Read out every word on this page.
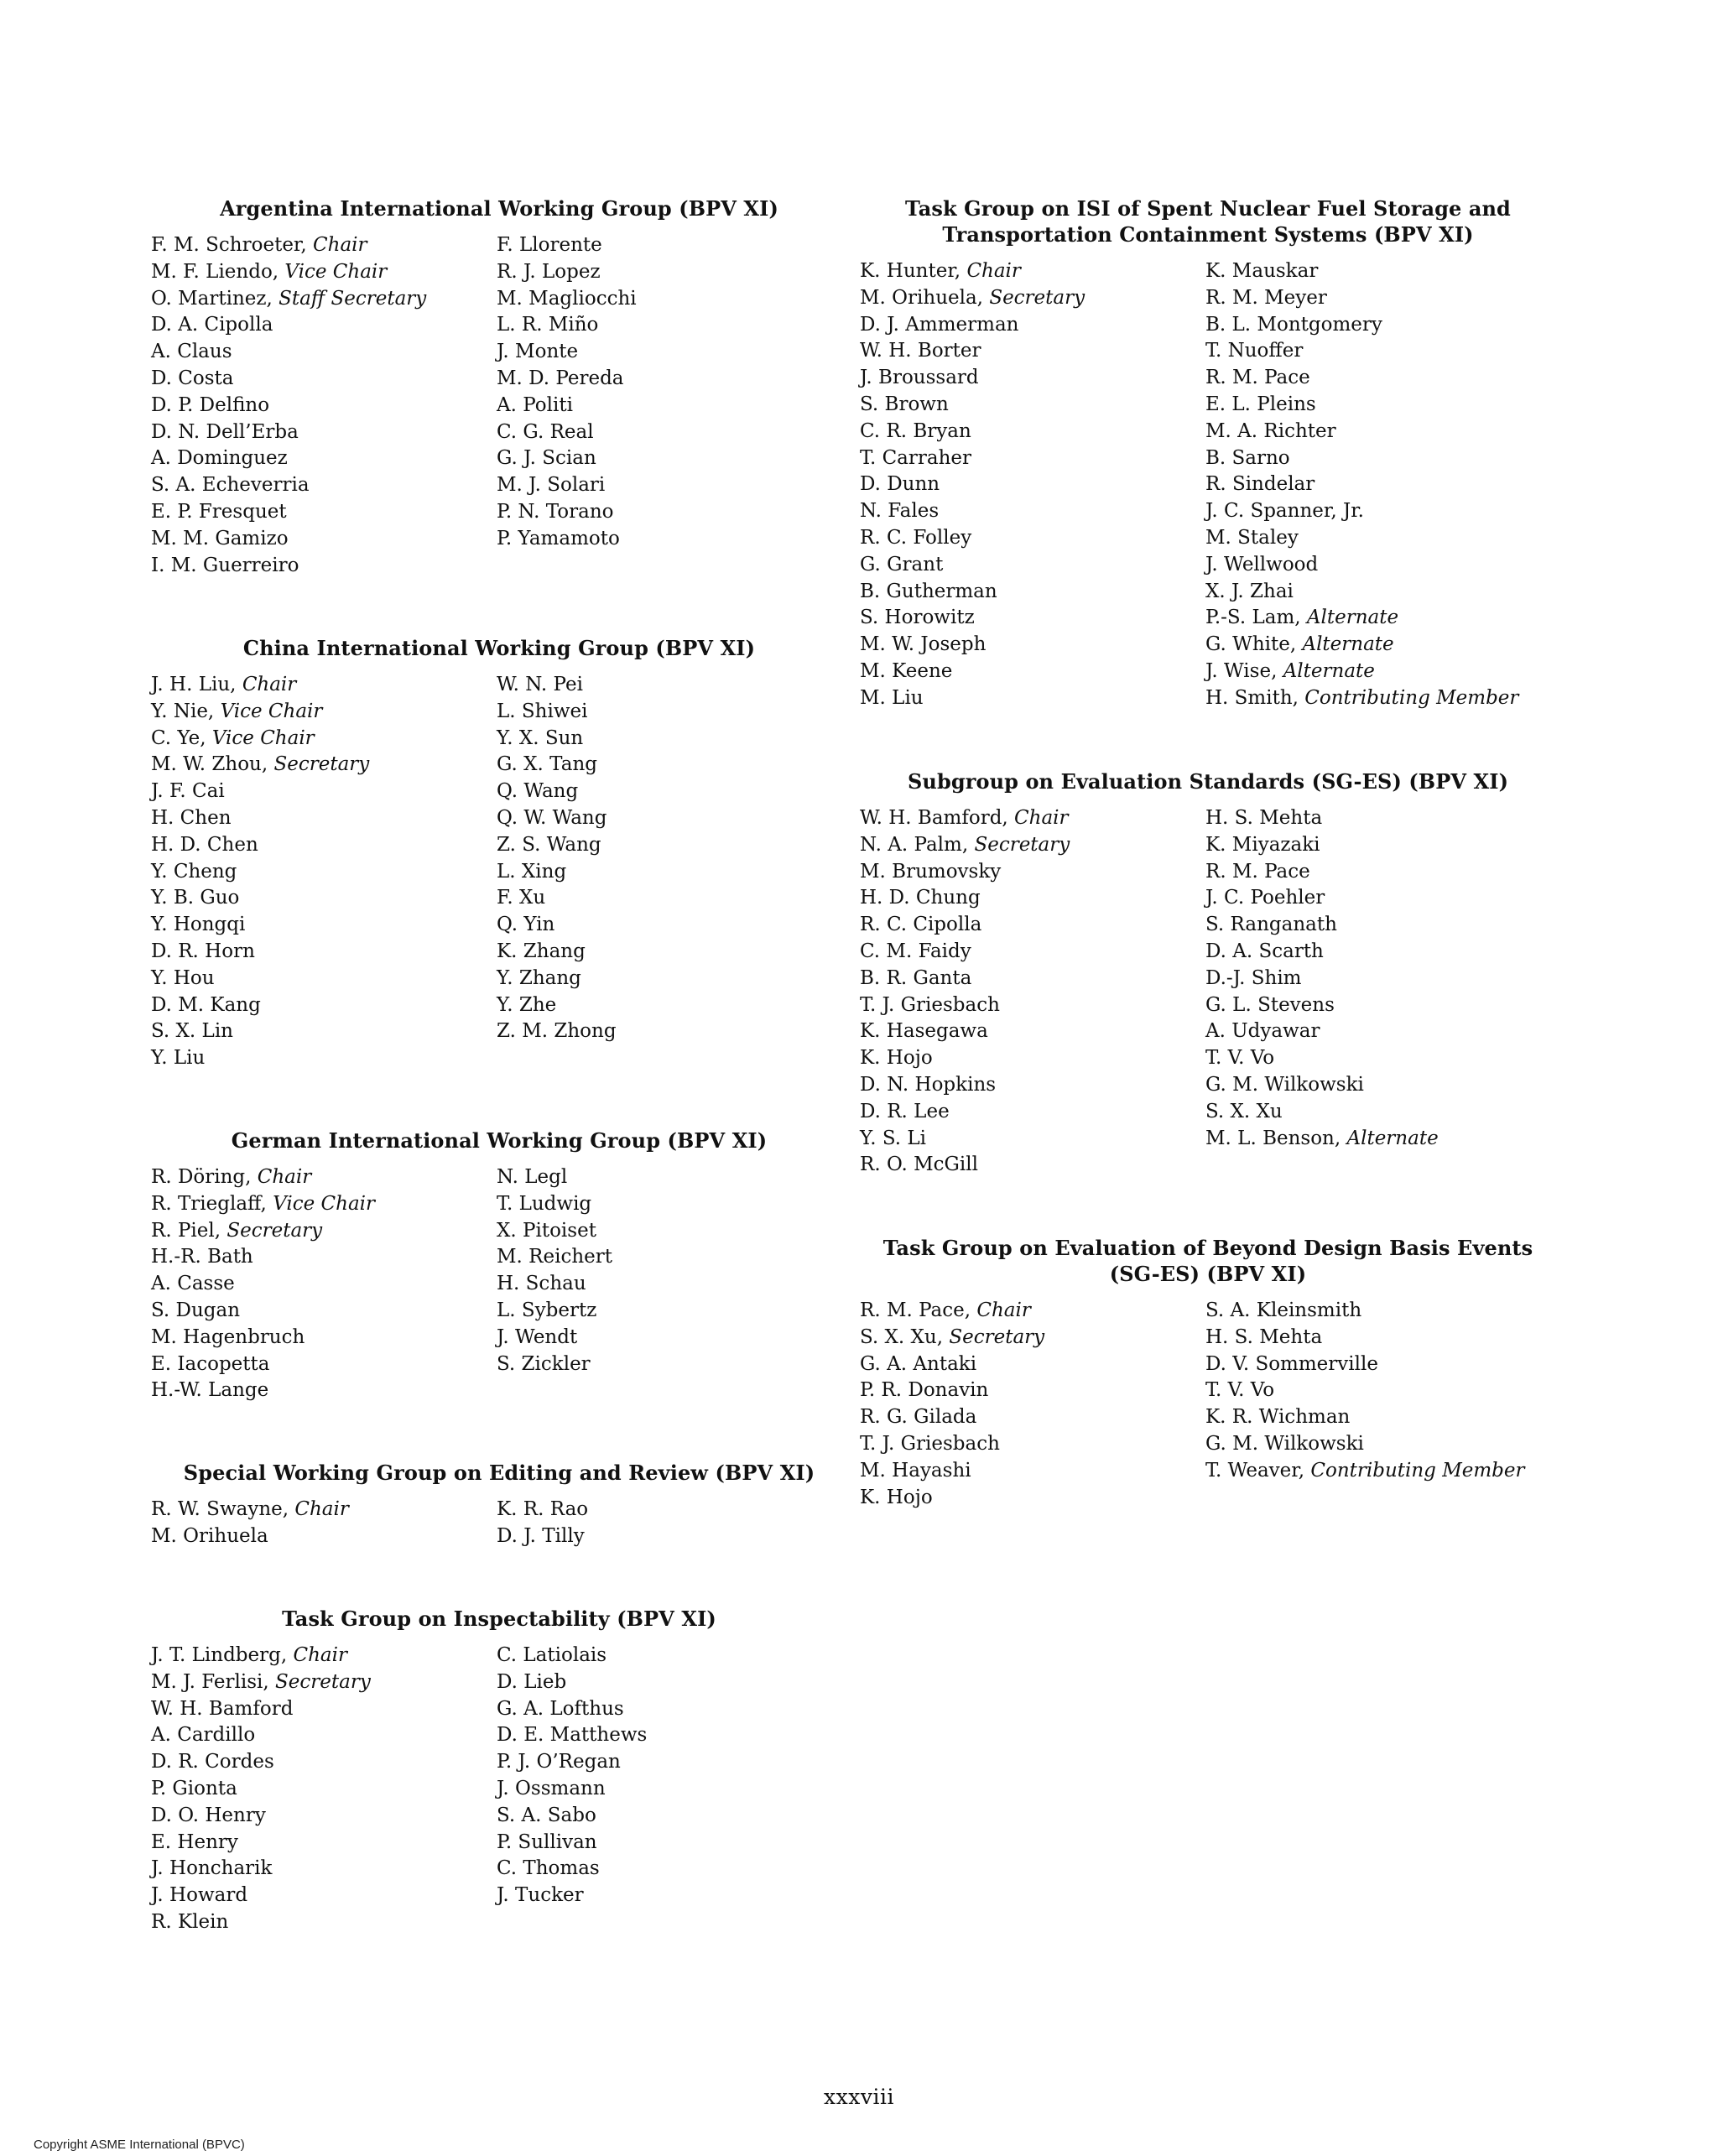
Argentina International Working Group (BPV XI)
F. M. Schroeter, Chair
M. F. Liendo, Vice Chair
O. Martinez, Staff Secretary
D. A. Cipolla
A. Claus
D. Costa
D. P. Delfino
D. N. Dell’Erba
A. Dominguez
S. A. Echeverria
E. P. Fresquet
M. M. Gamizo
I. M. Guerreiro
F. Llorente
R. J. Lopez
M. Magliocchi
L. R. Miño
J. Monte
M. D. Pereda
A. Politi
C. G. Real
G. J. Scian
M. J. Solari
P. N. Torano
P. Yamamoto
China International Working Group (BPV XI)
J. H. Liu, Chair
Y. Nie, Vice Chair
C. Ye, Vice Chair
M. W. Zhou, Secretary
J. F. Cai
H. Chen
H. D. Chen
Y. Cheng
Y. B. Guo
Y. Hongqi
D. R. Horn
Y. Hou
D. M. Kang
S. X. Lin
Y. Liu
W. N. Pei
L. Shiwei
Y. X. Sun
G. X. Tang
Q. Wang
Q. W. Wang
Z. S. Wang
L. Xing
F. Xu
Q. Yin
K. Zhang
Y. Zhang
Y. Zhe
Z. M. Zhong
German International Working Group (BPV XI)
R. Döring, Chair
R. Trieglaff, Vice Chair
R. Piel, Secretary
H.-R. Bath
A. Casse
S. Dugan
M. Hagenbruch
E. Iacopetta
H.-W. Lange
N. Legl
T. Ludwig
X. Pitoiset
M. Reichert
H. Schau
L. Sybertz
J. Wendt
S. Zickler
Special Working Group on Editing and Review (BPV XI)
R. W. Swayne, Chair
M. Orihuela
K. R. Rao
D. J. Tilly
Task Group on Inspectability (BPV XI)
J. T. Lindberg, Chair
M. J. Ferlisi, Secretary
W. H. Bamford
A. Cardillo
D. R. Cordes
P. Gionta
D. O. Henry
E. Henry
J. Honcharik
J. Howard
R. Klein
C. Latiolais
D. Lieb
G. A. Lofthus
D. E. Matthews
P. J. O’Regan
J. Ossmann
S. A. Sabo
P. Sullivan
C. Thomas
J. Tucker
Task Group on ISI of Spent Nuclear Fuel Storage and Transportation Containment Systems (BPV XI)
K. Hunter, Chair
M. Orihuela, Secretary
D. J. Ammerman
W. H. Borter
J. Broussard
S. Brown
C. R. Bryan
T. Carraher
D. Dunn
N. Fales
R. C. Folley
G. Grant
B. Gutherman
S. Horowitz
M. W. Joseph
M. Keene
M. Liu
K. Mauskar
R. M. Meyer
B. L. Montgomery
T. Nuoffer
R. M. Pace
E. L. Pleins
M. A. Richter
B. Sarno
R. Sindelar
J. C. Spanner, Jr.
M. Staley
J. Wellwood
X. J. Zhai
P.-S. Lam, Alternate
G. White, Alternate
J. Wise, Alternate
H. Smith, Contributing Member
Subgroup on Evaluation Standards (SG-ES) (BPV XI)
W. H. Bamford, Chair
N. A. Palm, Secretary
M. Brumovsky
H. D. Chung
R. C. Cipolla
C. M. Faidy
B. R. Ganta
T. J. Griesbach
K. Hasegawa
K. Hojo
D. N. Hopkins
D. R. Lee
Y. S. Li
R. O. McGill
H. S. Mehta
K. Miyazaki
R. M. Pace
J. C. Poehler
S. Ranganath
D. A. Scarth
D.-J. Shim
G. L. Stevens
A. Udyawar
T. V. Vo
G. M. Wilkowski
S. X. Xu
M. L. Benson, Alternate
Task Group on Evaluation of Beyond Design Basis Events (SG-ES) (BPV XI)
R. M. Pace, Chair
S. X. Xu, Secretary
G. A. Antaki
P. R. Donavin
R. G. Gilada
T. J. Griesbach
M. Hayashi
K. Hojo
S. A. Kleinsmith
H. S. Mehta
D. V. Sommerville
T. V. Vo
K. R. Wichman
G. M. Wilkowski
T. Weaver, Contributing Member
xxxviii
Copyright ASME International (BPVC)
